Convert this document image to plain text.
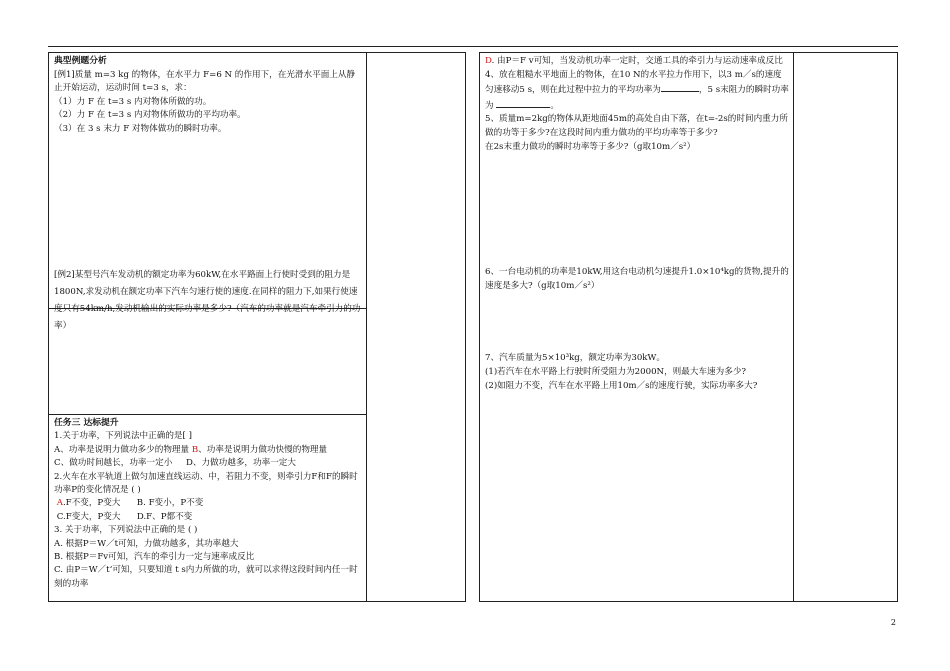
典型例题分析

[例1]质量 m=3 kg 的物体，在水平力 F=6 N 的作用下，在光滑水平面上从静止开始运动，运动时间 t=3 s，求：

（1）力 F 在 t=3 s 内对物体所做的功。

（2）力 F 在 t=3 s 内对物体所做功的平均功率。

（3）在 3 s 末力 F 对物体做功的瞬时功率。

[例2]某型号汽车发动机的额定功率为60kW,在水平路面上行使时受到的阻力是1800N,求发动机在额定功率下汽车匀速行使的速度.在同样的阻力下,如果行使速度只有54km/h,发动机输出的实际功率是多少?（汽车的功率就是汽车牵引力的功率）

任务三 达标提升

1.关于功率，下列说法中正确的是[ ]

A、功率是说明力做功多少的物理量 B、功率是说明力做功快慢的物理量

C、做功时间越长，功率一定小 D、力做功越多，功率一定大

2.火车在水平轨道上做匀加速直线运动、中，若阻力不变，则牵引力F和F的瞬时功率P的变化情况是 ( )

A.F不变，P变大 B. F变小，P不变

C.F变大，P变大 D.F、P都不变

3. 关于功率，下列说法中正确的是 ( )

A. 根据P＝W／t可知，力做功越多，其功率越大

B. 根据P＝Fv可知，汽车的牵引力一定与速率成反比

C. 由P＝W／t‘可知，只要知道 t s内力所做的功，就可以求得这段时间内任一时刻的功率

D. 由P＝F v可知，当发动机功率一定时，交通工具的牵引力与运动速率成反比

4、放在粗糙水平地面上的物体，在10 N的水平拉力作用下，以3 m／s的速度匀速移动5 s，则在此过程中拉力的平均功率为	，5 s末阻力的瞬时功率为	。

5、质量m=2kg的物体从距地面45m的高处自由下落，在t=-2s的时间内重力所做的功等于多少?在这段时间内重力做功的平均功率等于多少?

在2s末重力做功的瞬时功率等于多少?（g取10m／s²）

6、一台电动机的功率是10kW,用这台电动机匀速提升1.0×10⁴kg的货物,提升的速度是多大?（g取10m／s²）

7、汽车质量为5×10³kg，额定功率为30kW。

(1)若汽车在水平路上行驶时所受阻力为2000N，则最大车速为多少?

(2)如阻力不变，汽车在水平路上用10m／s的速度行驶，实际功率多大?

2
